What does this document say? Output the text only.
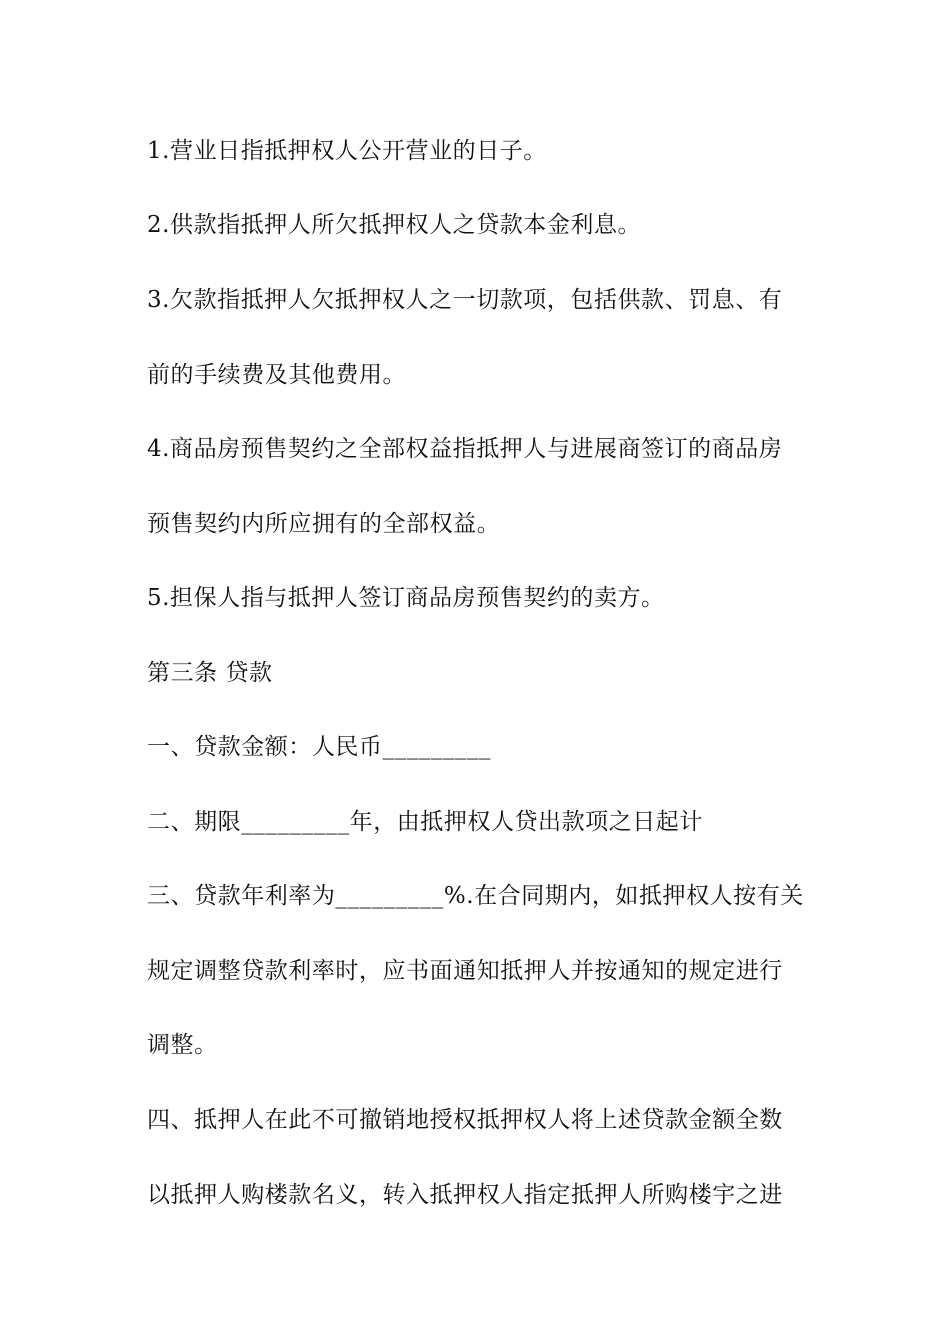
1.营业日指抵押权人公开营业的日子。
2.供款指抵押人所欠抵押权人之贷款本金利息。
3.欠款指抵押人欠抵押权人之一切款项，包括供款、罚息、有
前的手续费及其他费用。
4.商品房预售契约之全部权益指抵押人与进展商签订的商品房
预售契约内所应拥有的全部权益。
5.担保人指与抵押人签订商品房预售契约的卖方。
第三条 贷款
一、贷款金额：人民币_________
二、期限_________年，由抵押权人贷出款项之日起计
三、贷款年利率为_________%.在合同期内，如抵押权人按有关
规定调整贷款利率时，应书面通知抵押人并按通知的规定进行
调整。
四、抵押人在此不可撤销地授权抵押权人将上述贷款金额全数
以抵押人购楼款名义，转入抵押权人指定抵押人所购楼宇之进
